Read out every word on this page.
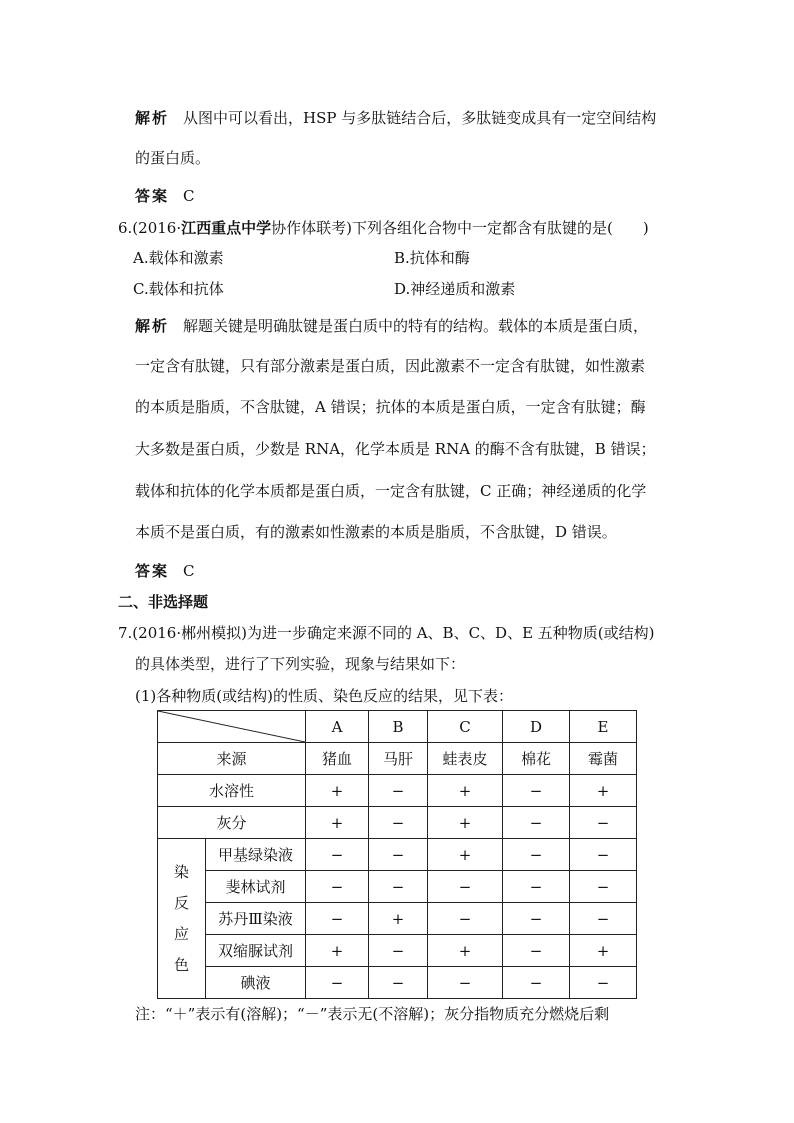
解析 从图中可以看出，HSP 与多肽链结合后，多肽链变成具有一定空间结构
的蛋白质。
答案 C
6.(2016·江西重点中学协作体联考)下列各组化合物中一定都含有肽键的是(　　)
A.载体和激素	B.抗体和酶
C.载体和抗体	D.神经递质和激素
解析 解题关键是明确肽键是蛋白质中的特有的结构。载体的本质是蛋白质，
一定含有肽键，只有部分激素是蛋白质，因此激素不一定含有肽键，如性激素
的本质是脂质，不含肽键，A 错误；抗体的本质是蛋白质，一定含有肽键；酶
大多数是蛋白质，少数是 RNA，化学本质是 RNA 的酶不含有肽键，B 错误；
载体和抗体的化学本质都是蛋白质，一定含有肽键，C 正确；神经递质的化学
本质不是蛋白质，有的激素如性激素的本质是脂质，不含肽键，D 错误。
答案 C
二、非选择题
7.(2016·郴州模拟)为进一步确定来源不同的 A、B、C、D、E 五种物质(或结构)
的具体类型，进行了下列实验，现象与结果如下：
(1)各种物质(或结构)的性质、染色反应的结果，见下表：
	A	B	C	D	E
来源		猪血	马肝	蛙表皮	棉花	霉菌
水溶性		+	−	+	−	+
灰分		+	−	+	−	−

染
反
应
色	甲基绿染液	−	−	+	−	−
	斐林试剂	−	−	−	−	−
	苏丹Ⅲ染液	−	+	−	−	−
	双缩脲试剂	+	−	+	−	+
	碘液	−	−	−	−	−
注：“＋”表示有(溶解)；“－”表示无(不溶解)；灰分指物质充分燃烧后剩
